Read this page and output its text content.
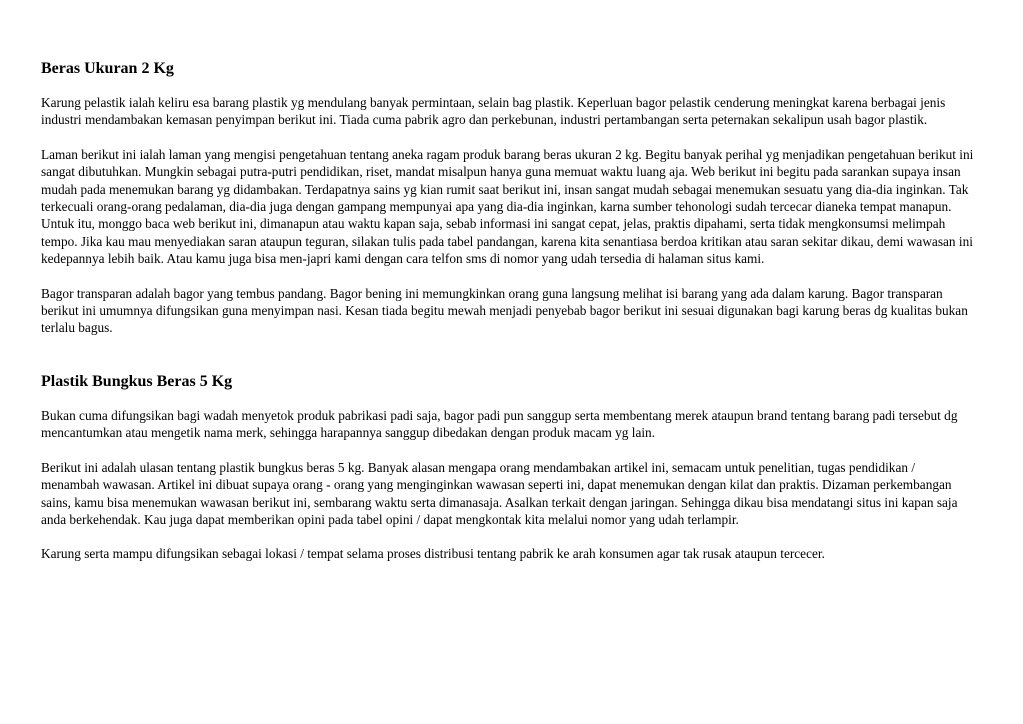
Beras Ukuran 2 Kg

Karung pelastik ialah keliru esa barang plastik yg mendulang banyak permintaan, selain bag plastik. Keperluan bagor pelastik cenderung meningkat karena berbagai jenis industri mendambakan kemasan penyimpan berikut ini. Tiada cuma pabrik agro dan perkebunan, industri pertambangan serta peternakan sekalipun usah bagor plastik.

Laman berikut ini ialah laman yang mengisi pengetahuan tentang aneka ragam produk barang beras ukuran 2 kg. Begitu banyak perihal yg menjadikan pengetahuan berikut ini sangat dibutuhkan. Mungkin sebagai putra-putri pendidikan, riset, mandat misalpun hanya guna memuat waktu luang aja. Web berikut ini begitu pada sarankan supaya insan mudah pada menemukan barang yg didambakan. Terdapatnya sains yg kian rumit saat berikut ini, insan sangat mudah sebagai menemukan sesuatu yang dia-dia inginkan. Tak terkecuali orang-orang pedalaman, dia-dia juga dengan gampang mempunyai apa yang dia-dia inginkan, karna sumber tehonologi sudah tercecar dianeka tempat manapun. Untuk itu, monggo baca web berikut ini, dimanapun atau waktu kapan saja, sebab informasi ini sangat cepat, jelas, praktis dipahami, serta tidak mengkonsumsi melimpah tempo. Jika kau mau menyediakan saran ataupun teguran, silakan tulis pada tabel pandangan, karena kita senantiasa berdoa kritikan atau saran sekitar dikau, demi wawasan ini kedepannya lebih baik. Atau kamu juga bisa men-japri kami dengan cara telfon sms di nomor yang udah tersedia di halaman situs kami.

Bagor transparan adalah bagor yang tembus pandang. Bagor bening ini memungkinkan orang guna langsung melihat isi barang yang ada dalam karung. Bagor transparan berikut ini umumnya difungsikan guna menyimpan nasi. Kesan tiada begitu mewah menjadi penyebab bagor berikut ini sesuai digunakan bagi karung beras dg kualitas bukan terlalu bagus.

Plastik Bungkus Beras 5 Kg

Bukan cuma difungsikan bagi wadah menyetok produk pabrikasi padi saja, bagor padi pun sanggup serta membentang merek ataupun brand tentang barang padi tersebut dg mencantumkan atau mengetik nama merk, sehingga harapannya sanggup dibedakan dengan produk macam yg lain.

Berikut ini adalah ulasan tentang plastik bungkus beras 5 kg. Banyak alasan mengapa orang mendambakan artikel ini, semacam untuk penelitian, tugas pendidikan / menambah wawasan. Artikel ini dibuat supaya orang - orang yang menginginkan wawasan seperti ini, dapat menemukan dengan kilat dan praktis. Dizaman perkembangan sains, kamu bisa menemukan wawasan berikut ini, sembarang waktu serta dimanasaja. Asalkan terkait dengan jaringan. Sehingga dikau bisa mendatangi situs ini kapan saja anda berkehendak. Kau juga dapat memberikan opini pada tabel opini / dapat mengkontak kita melalui nomor yang udah terlampir.

Karung serta mampu difungsikan sebagai lokasi / tempat selama proses distribusi tentang pabrik ke arah konsumen agar tak rusak ataupun tercecer.
